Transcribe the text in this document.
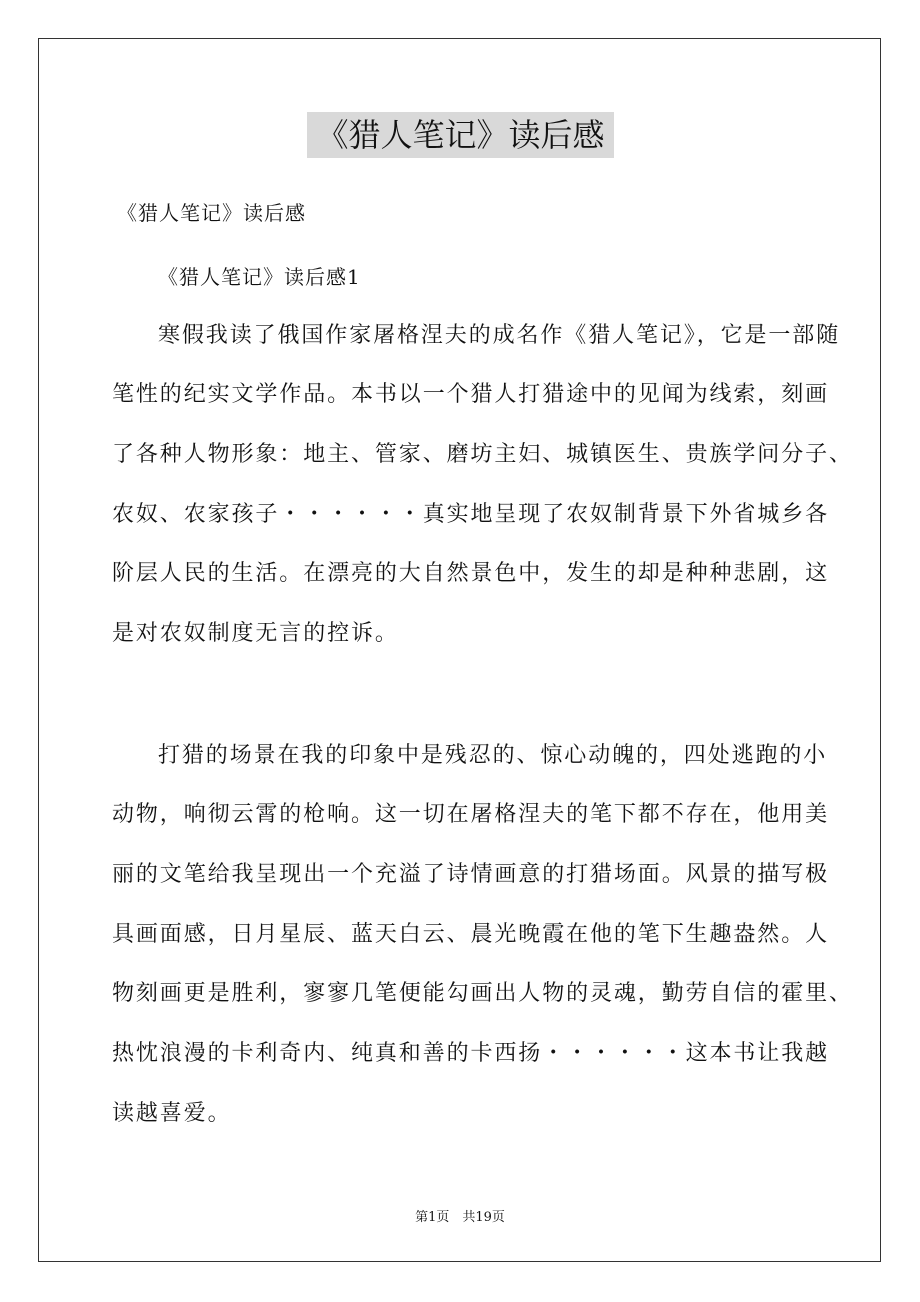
《猎人笔记》读后感
《猎人笔记》读后感
《猎人笔记》读后感1
寒假我读了俄国作家屠格涅夫的成名作《猎人笔记》，它是一部随
笔性的纪实文学作品。本书以一个猎人打猎途中的见闻为线索，刻画
了各种人物形象：地主、管家、磨坊主妇、城镇医生、贵族学问分子、
农奴、农家孩子・・・・・・真实地呈现了农奴制背景下外省城乡各
阶层人民的生活。在漂亮的大自然景色中，发生的却是种种悲剧，这
是对农奴制度无言的控诉。
打猎的场景在我的印象中是残忍的、惊心动魄的，四处逃跑的小
动物，响彻云霄的枪响。这一切在屠格涅夫的笔下都不存在，他用美
丽的文笔给我呈现出一个充溢了诗情画意的打猎场面。风景的描写极
具画面感，日月星辰、蓝天白云、晨光晚霞在他的笔下生趣盎然。人
物刻画更是胜利，寥寥几笔便能勾画出人物的灵魂，勤劳自信的霍里、
热忱浪漫的卡利奇内、纯真和善的卡西扬・・・・・・这本书让我越
读越喜爱。
第1页　共19页
